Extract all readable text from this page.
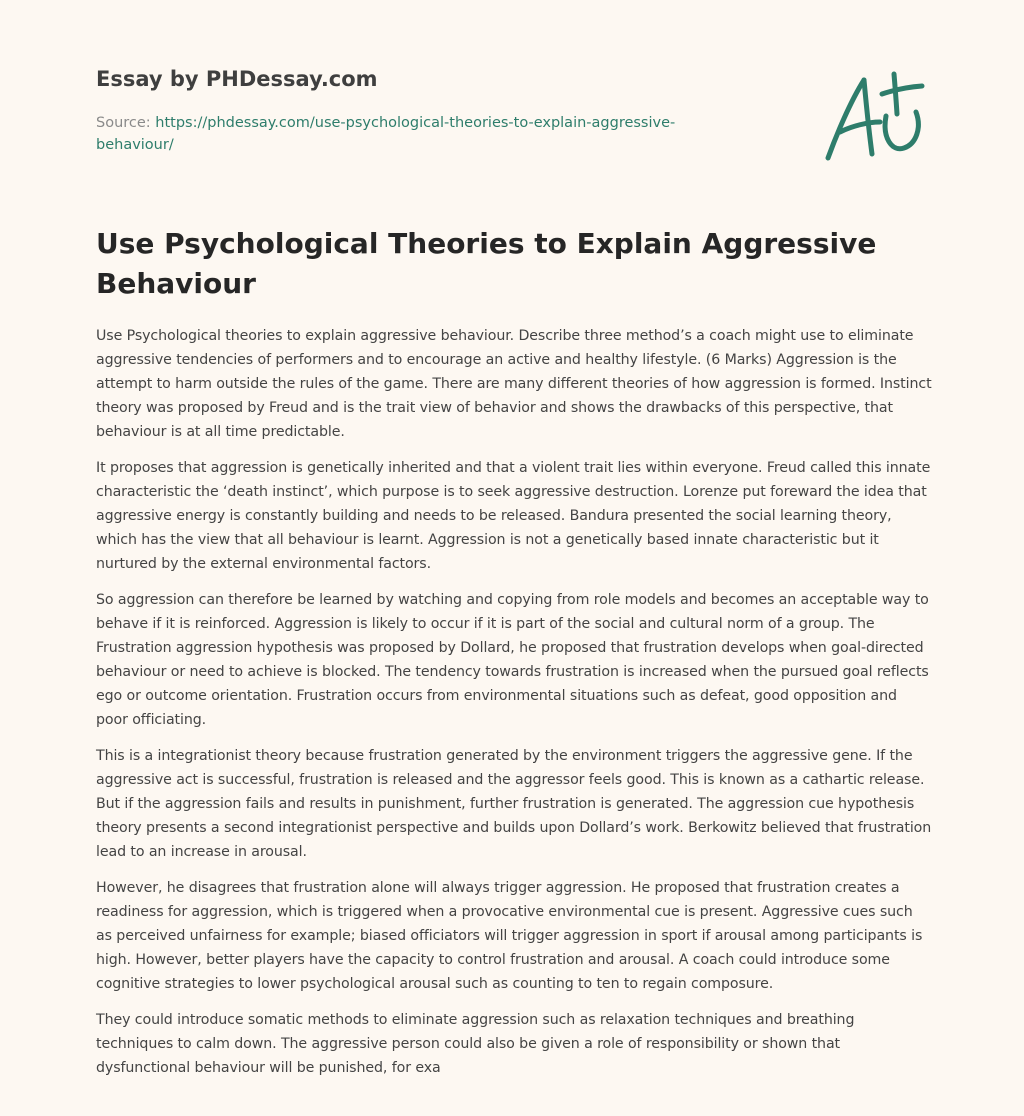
Essay by PHDessay.com
Source: https://phdessay.com/use-psychological-theories-to-explain-aggressive-behaviour/
Use Psychological Theories to Explain Aggressive Behaviour

Use Psychological theories to explain aggressive behaviour. Describe three method’s a coach might use to eliminate aggressive tendencies of performers and to encourage an active and healthy lifestyle. (6 Marks) Aggression is the attempt to harm outside the rules of the game. There are many different theories of how aggression is formed. Instinct theory was proposed by Freud and is the trait view of behavior and shows the drawbacks of this perspective, that behaviour is at all time predictable.

It proposes that aggression is genetically inherited and that a violent trait lies within everyone. Freud called this innate characteristic the ‘death instinct’, which purpose is to seek aggressive destruction. Lorenze put foreward the idea that aggressive energy is constantly building and needs to be released. Bandura presented the social learning theory, which has the view that all behaviour is learnt. Aggression is not a genetically based innate characteristic but it nurtured by the external environmental factors.

So aggression can therefore be learned by watching and copying from role models and becomes an acceptable way to behave if it is reinforced. Aggression is likely to occur if it is part of the social and cultural norm of a group. The Frustration aggression hypothesis was proposed by Dollard, he proposed that frustration develops when goal-directed behaviour or need to achieve is blocked. The tendency towards frustration is increased when the pursued goal reflects ego or outcome orientation. Frustration occurs from environmental situations such as defeat, good opposition and poor officiating.

This is a integrationist theory because frustration generated by the environment triggers the aggressive gene. If the aggressive act is successful, frustration is released and the aggressor feels good. This is known as a cathartic release. But if the aggression fails and results in punishment, further frustration is generated. The aggression cue hypothesis theory presents a second integrationist perspective and builds upon Dollard’s work. Berkowitz believed that frustration lead to an increase in arousal.

However, he disagrees that frustration alone will always trigger aggression. He proposed that frustration creates a readiness for aggression, which is triggered when a provocative environmental cue is present. Aggressive cues such as perceived unfairness for example; biased officiators will trigger aggression in sport if arousal among participants is high. However, better players have the capacity to control frustration and arousal. A coach could introduce some cognitive strategies to lower psychological arousal such as counting to ten to regain composure.

They could introduce somatic methods to eliminate aggression such as relaxation techniques and breathing techniques to calm down. The aggressive person could also be given a role of responsibility or shown that dysfunctional behaviour will be punished, for exa
